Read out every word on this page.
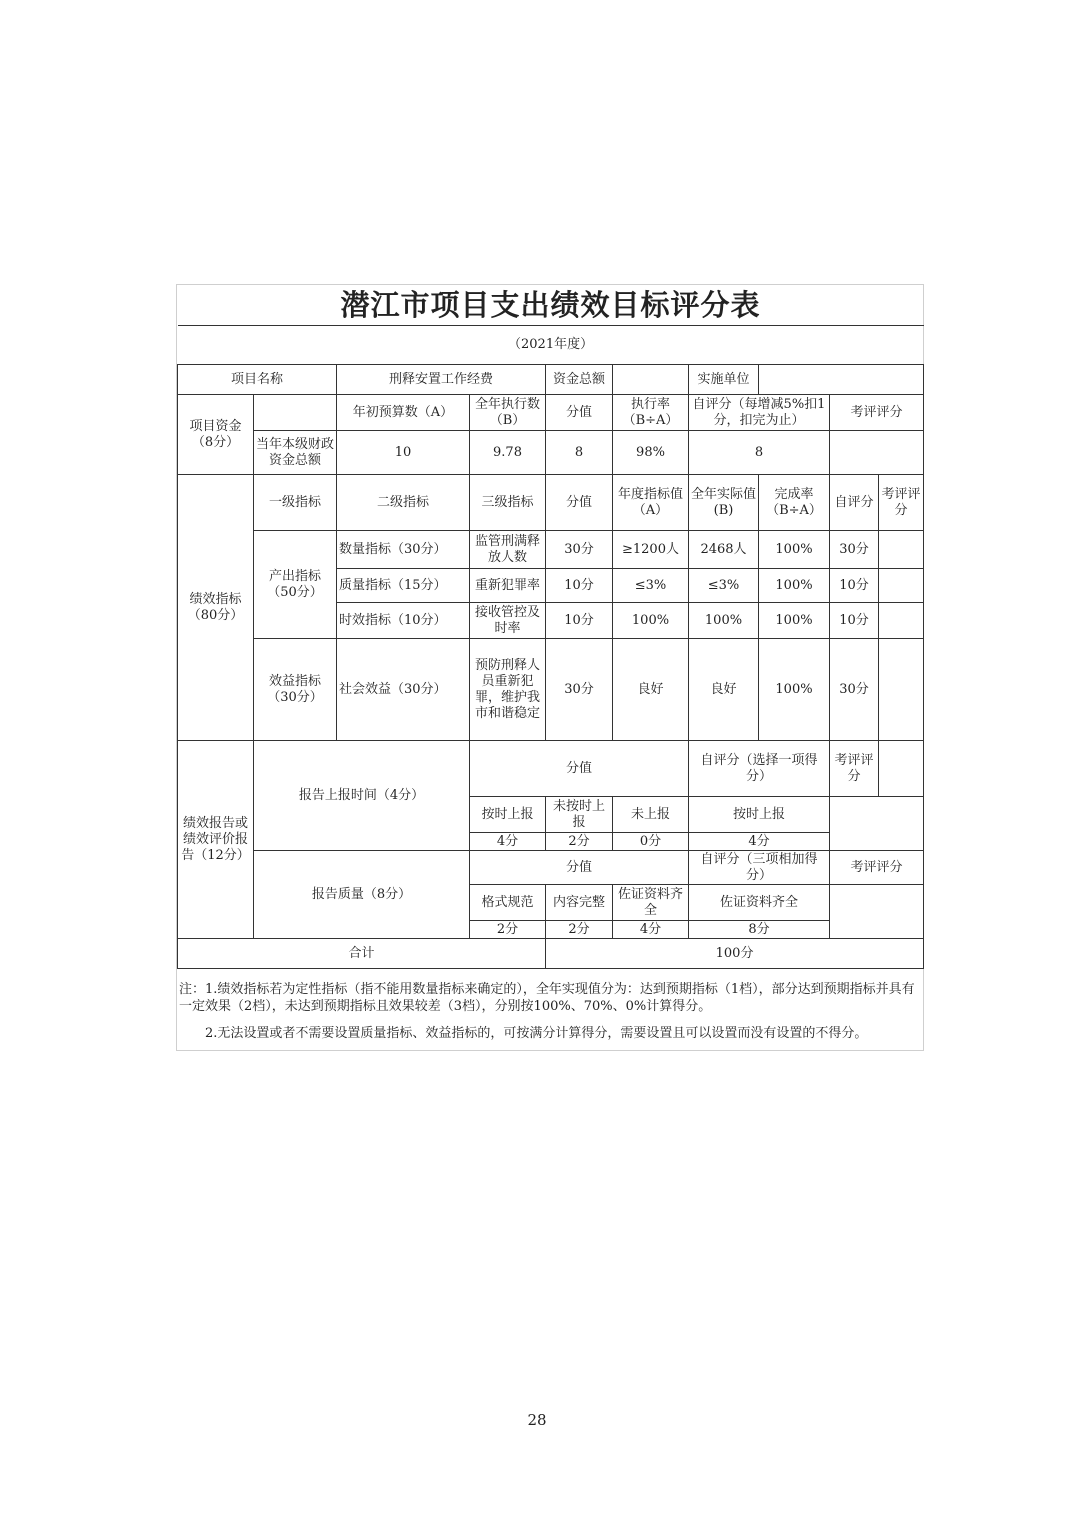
潜江市项目支出绩效目标评分表									
（2021年度）									
项目名称		刑释安置工作经费		资金总额		实施单位			
项目资金（8分）		年初预算数（A）	全年执行数（B）	分值	执行率（B÷A）	自评分（每增减5%扣1分，扣完为止）		考评评分	
	当年本级财政资金总额	10	9.78	8	98%	8			
绩效指标（80分）	一级指标	二级指标	三级指标	分值	年度指标值（A）	全年实际值(B)	完成率（B÷A）	自评分	考评评分
	产出指标（50分）	数量指标（30分）	监管刑满释放人数	30分	≥1200人	2468人	100%	30分	
		质量指标（15分）	重新犯罪率	10分	≤3%	≤3%	100%	10分	
		时效指标（10分）	接收管控及时率	10分	100%	100%	100%	10分	
	效益指标（30分）	社会效益（30分）	预防刑释人员重新犯罪，维护我市和谐稳定	30分	良好	良好	100%	30分	
绩效报告或绩效评价报告（12分）	报告上报时间（4分）		分值			自评分（选择一项得分）		考评评分	
			按时上报	未按时上报	未上报	按时上报			
			4分	2分	0分	4分			
	报告质量（8分）		分值			自评分（三项相加得分）		考评评分	
			格式规范	内容完整	佐证资料齐全	佐证资料齐全			
			2分	2分	4分	8分			
合计				100分					

注：1.绩效指标若为定性指标（指不能用数量指标来确定的），全年实现值分为：达到预期指标（1档），部分达到预期指标并具有一定效果（2档），未达到预期指标且效果较差（3档），分别按100%、70%、0%计算得分。

2.无法设置或者不需要设置质量指标、效益指标的，可按满分计算得分，需要设置且可以设置而没有设置的不得分。

28
